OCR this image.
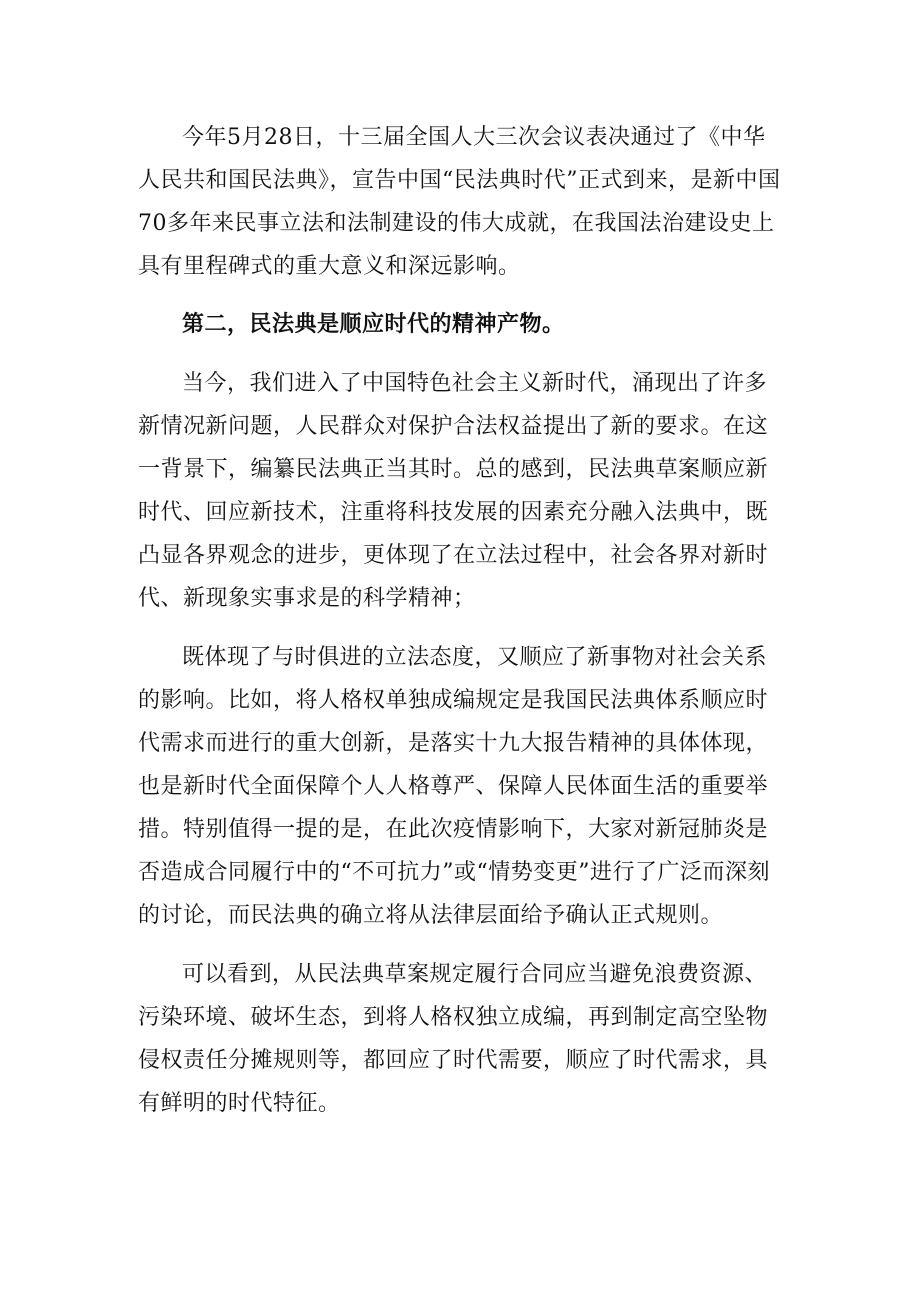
今年5月28日，十三届全国人大三次会议表决通过了《中华人民共和国民法典》，宣告中国“民法典时代”正式到来，是新中国70多年来民事立法和法制建设的伟大成就，在我国法治建设史上具有里程碑式的重大意义和深远影响。

第二，民法典是顺应时代的精神产物。

当今，我们进入了中国特色社会主义新时代，涌现出了许多新情况新问题，人民群众对保护合法权益提出了新的要求。在这一背景下，编纂民法典正当其时。总的感到，民法典草案顺应新时代、回应新技术，注重将科技发展的因素充分融入法典中，既凸显各界观念的进步，更体现了在立法过程中，社会各界对新时代、新现象实事求是的科学精神；

既体现了与时俱进的立法态度，又顺应了新事物对社会关系的影响。比如，将人格权单独成编规定是我国民法典体系顺应时代需求而进行的重大创新，是落实十九大报告精神的具体体现，也是新时代全面保障个人人格尊严、保障人民体面生活的重要举措。特别值得一提的是，在此次疫情影响下，大家对新冠肺炎是否造成合同履行中的“不可抗力”或“情势变更”进行了广泛而深刻的讨论，而民法典的确立将从法律层面给予确认正式规则。

可以看到，从民法典草案规定履行合同应当避免浪费资源、污染环境、破坏生态，到将人格权独立成编，再到制定高空坠物侵权责任分摊规则等，都回应了时代需要，顺应了时代需求，具有鲜明的时代特征。
